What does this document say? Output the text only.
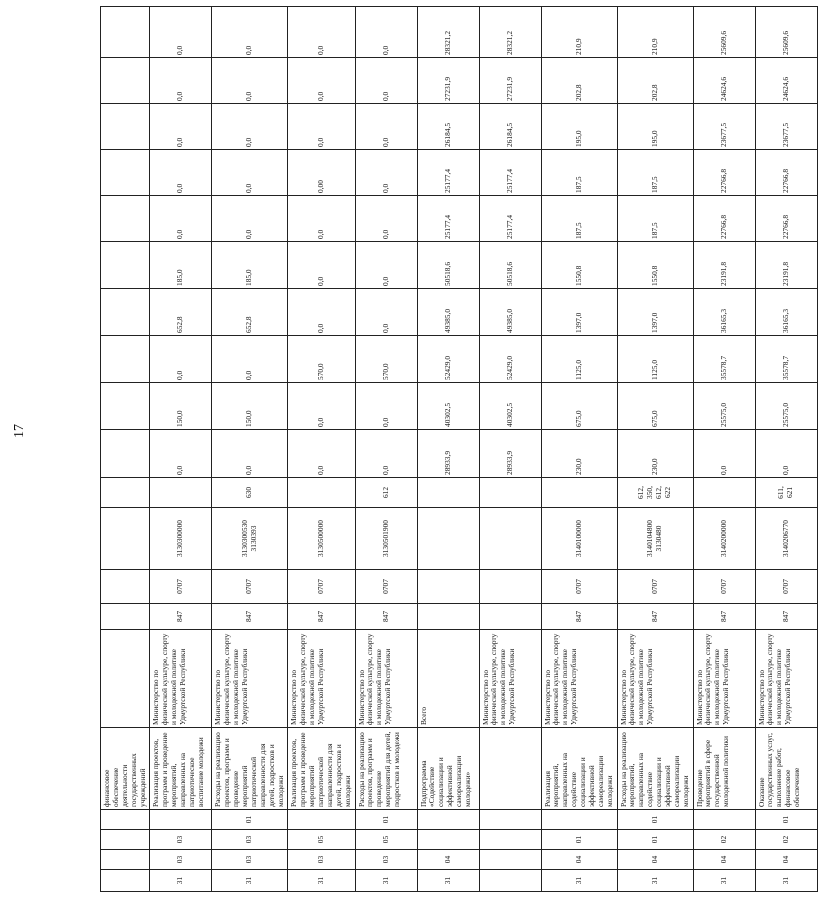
17
				финансовое обеспечение деятельности государственных учреждений															
31	03	03		Реализация проектов, программ и проведение мероприятий, направленных на патриотическое воспитание молодежи	Министерство по физической культуре, спорту и молодежной политике Удмуртской Республики	847	0707	3130300000		0,0	150,0	0,0	652,8	185,0	0,0	0,0	0,0	0,0	0,0
31	03	03	01	Расходы на реализацию проектов, программ и проведение мероприятий патриотической направленности для детей, подростков и молодежи	Министерство по физической культуре, спорту и молодежной политике Удмуртской Республики	847	0707	3130300530 3130393	630	0,0	150,0	0,0	652,8	185,0	0,0	0,0	0,0	0,0	0,0
31	03	05		Реализация проектов, программ и проведение мероприятий патриотической направленности для детей, подростков и молодежи	Министерство по физической культуре, спорту и молодежной политике Удмуртской Республики	847	0707	3130500000		0,0	0,0	570,0	0,0	0,0	0,0	0,00	0,0	0,0	0,0
31	03	05	01	Расходы на реализацию проектов, программ и проведение мероприятий для детей, подростков и молодежи	Министерство по физической культуре, спорту и молодежной политике Удмуртской Республики	847	0707	3130501900	612	0,0	0,0	570,0	0,0	0,0	0,0	0,0	0,0	0,0	0,0
31	04			Подпрограмма «Содействие социализации и эффективной самореализации молодежи»	Всего					28933,9	40302,5	52429,0	49385,0	50518,6	25177,4	25177,4	26184,5	27231,9	28321,2
					Министерство по физической культуре, спорту и молодежной политике Удмуртской Республики					28933,9	40302,5	52429,0	49385,0	50518,6	25177,4	25177,4	26184,5	27231,9	28321,2
31	04	01		Реализация мероприятий, направленных на содействие социализации и эффективной самореализации молодежи	Министерство по физической культуре, спорту и молодежной политике Удмуртской Республики	847	0707	3140100000		230,0	675,0	1125,0	1397,0	1550,8	187,5	187,5	195,0	202,8	210,9
31	04	01	01	Расходы на реализацию мероприятий, направленных на содействие социализации и эффективной самореализации молодежи	Министерство по физической культуре, спорту и молодежной политике Удмуртской Республики	847	0707	3140104800 3130480	612, 350, 612, 622	230,0	675,0	1125,0	1397,0	1550,8	187,5	187,5	195,0	202,8	210,9
31	04	02		Проведение мероприятий в сфере государственной молодежной политики	Министерство по физической культуре, спорту и молодежной политике Удмуртской Республики	847	0707	3140200000		0,0	25575,0	35578,7	36165,3	23191,8	22766,8	22766,8	23677,5	24624,6	25609,6
31	04	02	01	Оказание государственных услуг, выполнение работ, финансовое обеспечение	Министерство по физической культуре, спорту и молодежной политике Удмуртской Республики	847	0707	3140206770	611, 621	0,0	25575,0	35578,7	36165,3	23191,8	22766,8	22766,8	23677,5	24624,6	25609,6
